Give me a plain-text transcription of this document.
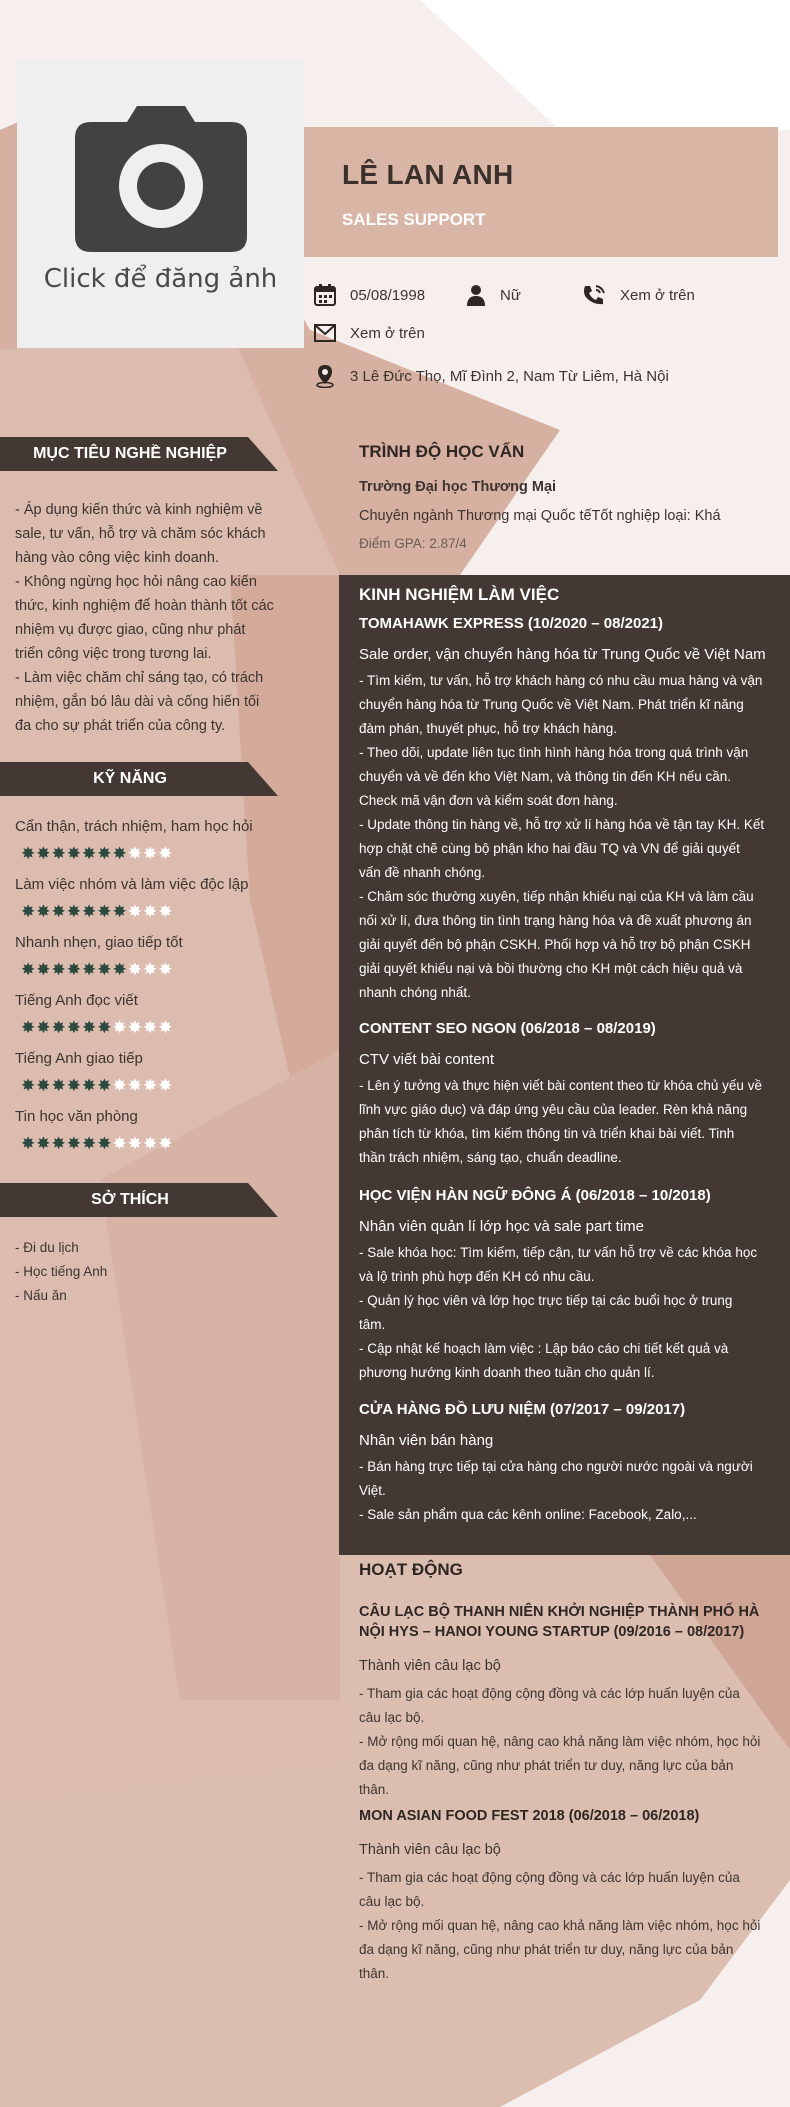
Click để đăng ảnh
LÊ LAN ANH
SALES SUPPORT
05/08/1998	Nữ	Xem ở trên
Xem ở trên
3 Lê Đức Thọ, Mĩ Đình 2, Nam Từ Liêm, Hà Nội
MỤC TIÊU NGHỀ NGHIỆP
- Áp dụng kiến thức và kinh nghiệm về
sale, tư vấn, hỗ trợ và chăm sóc khách
hàng vào công việc kinh doanh.
- Không ngừng học hỏi nâng cao kiến
thức, kinh nghiệm để hoàn thành tốt các
nhiệm vụ được giao, cũng như phát
triển công việc trong tương lai.
- Làm việc chăm chỉ sáng tạo, có trách
nhiệm, gắn bó lâu dài và cống hiến tối
đa cho sự phát triển của công ty.
KỸ NĂNG
Cẩn thận, trách nhiệm, ham học hỏi
✸ ✸ ✸ ✸ ✸ ✸ ✸ ✸ ✸ ✸
Làm việc nhóm và làm việc độc lập
✸ ✸ ✸ ✸ ✸ ✸ ✸ ✸ ✸ ✸
Nhanh nhẹn, giao tiếp tốt
✸ ✸ ✸ ✸ ✸ ✸ ✸ ✸ ✸ ✸
Tiếng Anh đọc viết
✸ ✸ ✸ ✸ ✸ ✸ ✸ ✸ ✸ ✸
Tiếng Anh giao tiếp
✸ ✸ ✸ ✸ ✸ ✸ ✸ ✸ ✸ ✸
Tin học văn phòng
✸ ✸ ✸ ✸ ✸ ✸ ✸ ✸ ✸ ✸
SỞ THÍCH
- Đi du lịch
- Học tiếng Anh
- Nấu ăn
TRÌNH ĐỘ HỌC VẤN
Trường Đại học Thương Mại
Chuyên ngành Thương mại Quốc tếTốt nghiệp loại: Khá
Điểm GPA: 2.87/4
KINH NGHIỆM LÀM VIỆC
TOMAHAWK EXPRESS (10/2020 – 08/2021)
Sale order, vận chuyển hàng hóa từ Trung Quốc về Việt Nam
- Tìm kiếm, tư vấn, hỗ trợ khách hàng có nhu cầu mua hàng và vận
chuyển hàng hóa từ Trung Quốc về Việt Nam. Phát triển kĩ năng
đàm phán, thuyết phục, hỗ trợ khách hàng.
- Theo dõi, update liên tục tình hình hàng hóa trong quá trình vận
chuyển và về đến kho Việt Nam, và thông tin đến KH nếu cần.
Check mã vận đơn và kiểm soát đơn hàng.
- Update thông tin hàng về, hỗ trợ xử lí hàng hóa về tận tay KH. Kết
hợp chặt chẽ cùng bộ phận kho hai đầu TQ và VN để giải quyết
vấn đề nhanh chóng.
- Chăm sóc thường xuyên, tiếp nhận khiếu nại của KH và làm cầu
nối xử lí, đưa thông tin tình trạng hàng hóa và đề xuất phương án
giải quyết đến bộ phận CSKH. Phối hợp và hỗ trợ bộ phận CSKH
giải quyết khiếu nại và bồi thường cho KH một cách hiệu quả và
nhanh chóng nhất.
CONTENT SEO NGON (06/2018 – 08/2019)
CTV viết bài content
- Lên ý tưởng và thực hiện viết bài content theo từ khóa chủ yếu về
lĩnh vực giáo dục) và đáp ứng yêu cầu của leader. Rèn khả năng
phân tích từ khóa, tìm kiếm thông tin và triển khai bài viết. Tinh
thần trách nhiệm, sáng tạo, chuẩn deadline.
HỌC VIỆN HÀN NGỮ ĐÔNG Á (06/2018 – 10/2018)
Nhân viên quản lí lớp học và sale part time
- Sale khóa học: Tìm kiếm, tiếp cận, tư vấn hỗ trợ về các khóa học
và lộ trình phù hợp đến KH có nhu cầu.
- Quản lý học viên và lớp học trực tiếp tại các buổi học ở trung
tâm.
- Cập nhật kế hoạch làm việc : Lập báo cáo chi tiết kết quả và
phương hướng kinh doanh theo tuần cho quản lí.
CỬA HÀNG ĐỒ LƯU NIỆM (07/2017 – 09/2017)
Nhân viên bán hàng
- Bán hàng trực tiếp tại cửa hàng cho người nước ngoài và người
Việt.
- Sale sản phẩm qua các kênh online: Facebook, Zalo,...
HOẠT ĐỘNG
CÂU LẠC BỘ THANH NIÊN KHỞI NGHIỆP THÀNH PHỐ HÀ
NỘI HYS – HANOI YOUNG STARTUP (09/2016 – 08/2017)
Thành viên câu lạc bộ
- Tham gia các hoạt động cộng đồng và các lớp huấn luyện của
câu lạc bộ.
- Mở rộng mối quan hệ, nâng cao khả năng làm việc nhóm, học hỏi
đa dạng kĩ năng, cũng như phát triển tư duy, năng lực của bản
thân.
MON ASIAN FOOD FEST 2018 (06/2018 – 06/2018)
Thành viên câu lạc bộ
- Tham gia các hoạt động cộng đồng và các lớp huấn luyện của
câu lạc bộ.
- Mở rộng mối quan hệ, nâng cao khả năng làm việc nhóm, học hỏi
đa dạng kĩ năng, cũng như phát triển tư duy, năng lực của bản
thân.
